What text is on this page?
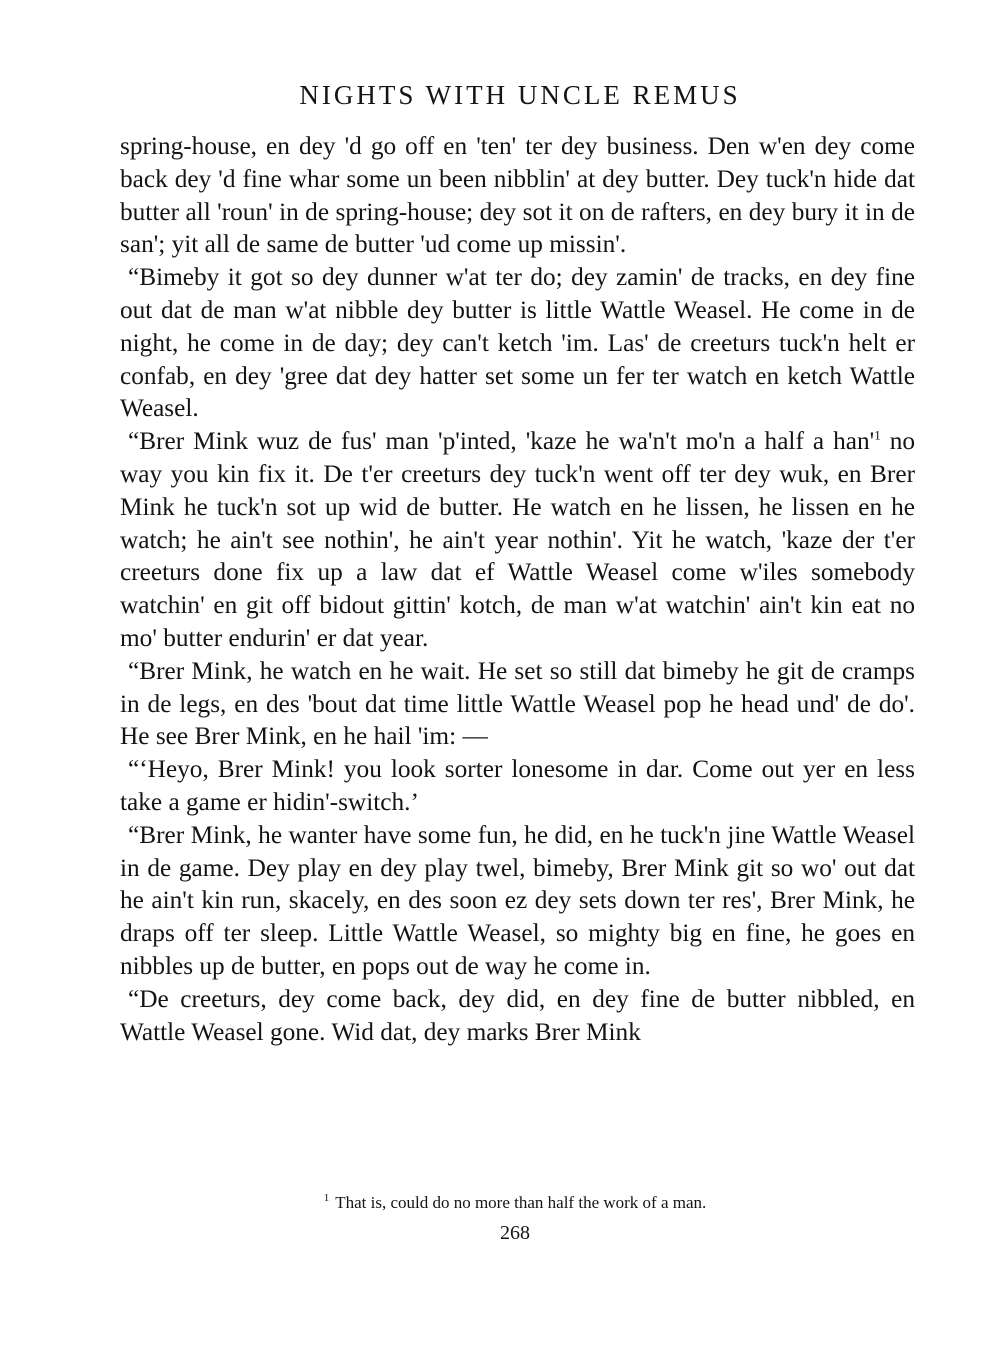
NIGHTS WITH UNCLE REMUS

spring-house, en dey 'd go off en 'ten' ter dey business. Den w'en dey come back dey 'd fine whar some un been nibblin' at dey butter. Dey tuck'n hide dat butter all 'roun' in de spring-house; dey sot it on de rafters, en dey bury it in de san'; yit all de same de butter 'ud come up missin'.

“Bimeby it got so dey dunner w'at ter do; dey zamin' de tracks, en dey fine out dat de man w'at nibble dey butter is little Wattle Weasel. He come in de night, he come in de day; dey can't ketch 'im. Las' de creeturs tuck'n helt er confab, en dey 'gree dat dey hatter set some un fer ter watch en ketch Wattle Weasel.

“Brer Mink wuz de fus' man 'p'inted, 'kaze he wa'n't mo'n a half a han'$^1$ no way you kin fix it. De t'er creeturs dey tuck'n went off ter dey wuk, en Brer Mink he tuck'n sot up wid de butter. He watch en he lissen, he lissen en he watch; he ain't see nothin', he ain't year nothin'. Yit he watch, 'kaze der t'er creeturs done fix up a law dat ef Wattle Weasel come w'iles somebody watchin' en git off bidout gittin' kotch, de man w'at watchin' ain't kin eat no mo' butter endurin' er dat year.

“Brer Mink, he watch en he wait. He set so still dat bimeby he git de cramps in de legs, en des 'bout dat time little Wattle Weasel pop he head und' de do'. He see Brer Mink, en he hail 'im: —

“‘Heyo, Brer Mink! you look sorter lonesome in dar. Come out yer en less take a game er hidin'-switch.’

“Brer Mink, he wanter have some fun, he did, en he tuck'n jine Wattle Weasel in de game. Dey play en dey play twel, bimeby, Brer Mink git so wo' out dat he ain't kin run, skacely, en des soon ez dey sets down ter res', Brer Mink, he draps off ter sleep. Little Wattle Weasel, so mighty big en fine, he goes en nibbles up de butter, en pops out de way he come in.

“De creeturs, dey come back, dey did, en dey fine de butter nibbled, en Wattle Weasel gone. Wid dat, dey marks Brer Mink

$^1$ That is, could do no more than half the work of a man.
268
